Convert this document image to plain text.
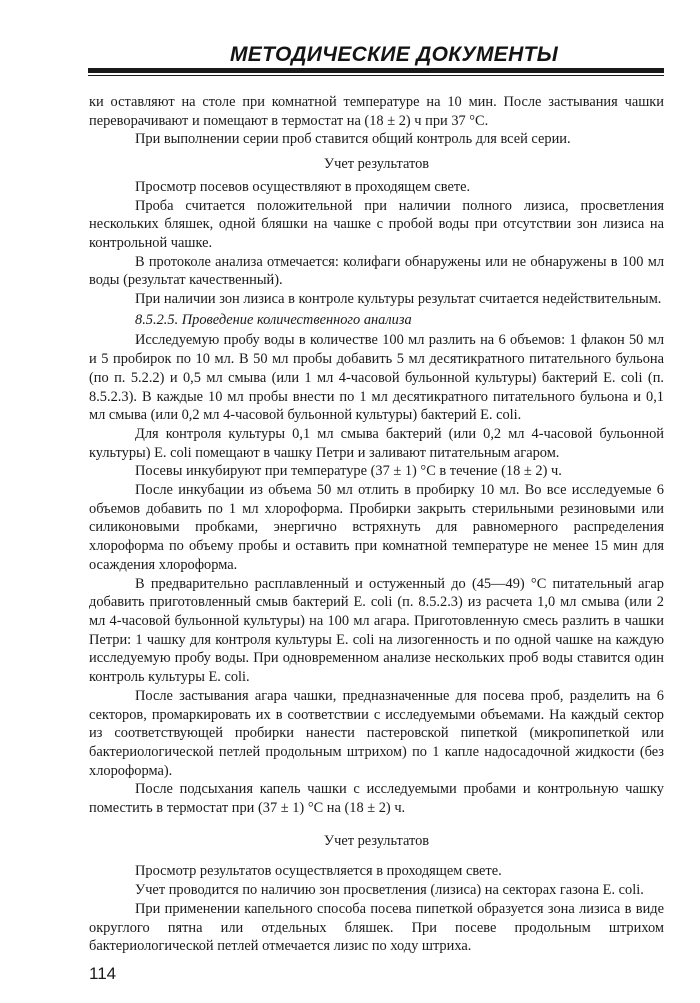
МЕТОДИЧЕСКИЕ ДОКУМЕНТЫ

ки оставляют на столе при комнатной температуре на 10 мин. После застывания чашки переворачивают и помещают в термостат на (18 ± 2) ч при 37 °С.

При выполнении серии проб ставится общий контроль для всей серии.

Учет результатов

Просмотр посевов осуществляют в проходящем свете.

Проба считается положительной при наличии полного лизиса, просветления нескольких бляшек, одной бляшки на чашке с пробой воды при отсутствии зон лизиса на контрольной чашке.

В протоколе анализа отмечается: колифаги обнаружены или не обнаружены в 100 мл воды (результат качественный).

При наличии зон лизиса в контроле культуры результат считается недействительным.

8.5.2.5. Проведение количественного анализа

Исследуемую пробу воды в количестве 100 мл разлить на 6 объемов: 1 флакон 50 мл и 5 пробирок по 10 мл. В 50 мл пробы добавить 5 мл десятикратного питательного бульона (по п. 5.2.2) и 0,5 мл смыва (или 1 мл 4-часовой бульонной культуры) бактерий E. coli (п. 8.5.2.3). В каждые 10 мл пробы внести по 1 мл десятикратного питательного бульона и 0,1 мл смыва (или 0,2 мл 4-часовой бульонной культуры) бактерий E. coli.

Для контроля культуры 0,1 мл смыва бактерий (или 0,2 мл 4-часовой бульонной культуры) E. coli помещают в чашку Петри и заливают питательным агаром.

Посевы инкубируют при температуре (37 ± 1) °С в течение (18 ± 2) ч.

После инкубации из объема 50 мл отлить в пробирку 10 мл. Во все исследуемые 6 объемов добавить по 1 мл хлороформа. Пробирки закрыть стерильными резиновыми или силиконовыми пробками, энергично встряхнуть для равномерного распределения хлороформа по объему пробы и оставить при комнатной температуре не менее 15 мин для осаждения хлороформа.

В предварительно расплавленный и остуженный до (45—49) °С питательный агар добавить приготовленный смыв бактерий E. coli (п. 8.5.2.3) из расчета 1,0 мл смыва (или 2 мл 4-часовой бульонной культуры) на 100 мл агара. Приготовленную смесь разлить в чашки Петри: 1 чашку для контроля культуры E. coli на лизогенность и по одной чашке на каждую исследуемую пробу воды. При одновременном анализе нескольких проб воды ставится один контроль культуры E. coli.

После застывания агара чашки, предназначенные для посева проб, разделить на 6 секторов, промаркировать их в соответствии с исследуемыми объемами. На каждый сектор из соответствующей пробирки нанести пастеровской пипеткой (микропипеткой или бактериологической петлей продольным штрихом) по 1 капле надосадочной жидкости (без хлороформа).

После подсыхания капель чашки с исследуемыми пробами и контрольную чашку поместить в термостат при (37 ± 1) °С на (18 ± 2) ч.

Учет результатов

Просмотр результатов осуществляется в проходящем свете.

Учет проводится по наличию зон просветления (лизиса) на секторах газона E. coli.

При применении капельного способа посева пипеткой образуется зона лизиса в виде округлого пятна или отдельных бляшек. При посеве продольным штрихом бактериологической петлей отмечается лизис по ходу штриха.

114
